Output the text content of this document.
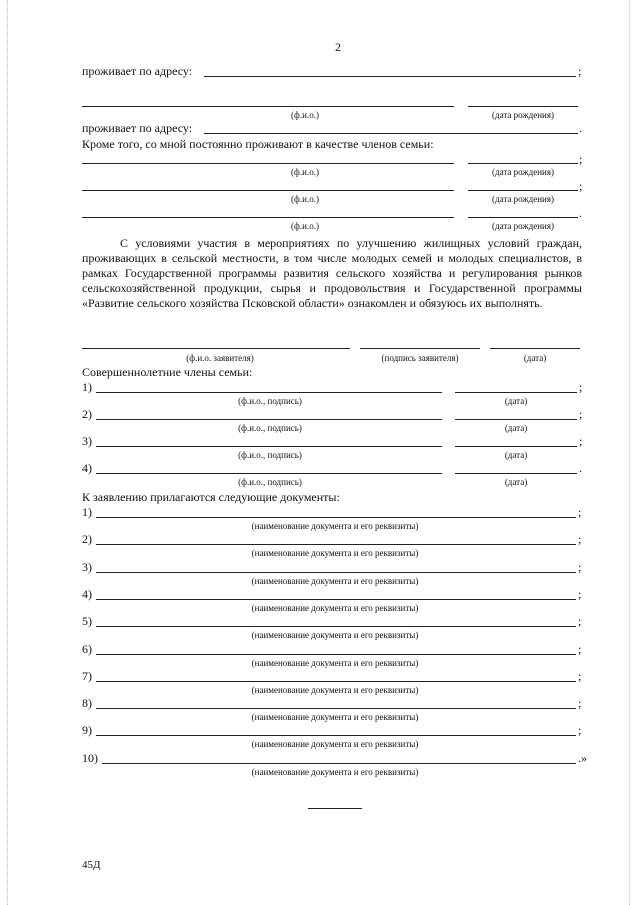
2
проживает по адресу:	;
(ф.и.о.)	(дата рождения)
проживает по адресу:	.
Кроме того, со мной постоянно проживают в качестве членов семьи:
;
(ф.и.о.)	(дата рождения)
;
(ф.и.о.)	(дата рождения)
.
(ф.и.о.)	(дата рождения)
С условиями участия в мероприятиях по улучшению жилищных условий граждан, проживающих в сельской местности, в том числе молодых семей и молодых специалистов, в рамках Государственной программы развития сельского хозяйства и регулирования рынков сельскохозяйственной продукции, сырья и продовольствия и Государственной программы «Развитие сельского хозяйства Псковской области» ознакомлен и обязуюсь их выполнять.
(ф.и.о. заявителя)	(подпись заявителя)	(дата)
Совершеннолетние члены семьи:
1)	;
(ф.и.о., подпись)	(дата)
2)	;
(ф.и.о., подпись)	(дата)
3)	;
(ф.и.о., подпись)	(дата)
4)	.
(ф.и.о., подпись)	(дата)
К заявлению прилагаются следующие документы:
1)	;
(наименование документа и его реквизиты)
2)	;
(наименование документа и его реквизиты)
3)	;
(наименование документа и его реквизиты)
4)	;
(наименование документа и его реквизиты)
5)	;
(наименование документа и его реквизиты)
6)	;
(наименование документа и его реквизиты)
7)	;
(наименование документа и его реквизиты)
8)	;
(наименование документа и его реквизиты)
9)	;
(наименование документа и его реквизиты)
10)	.»
(наименование документа и его реквизиты)
45Д
